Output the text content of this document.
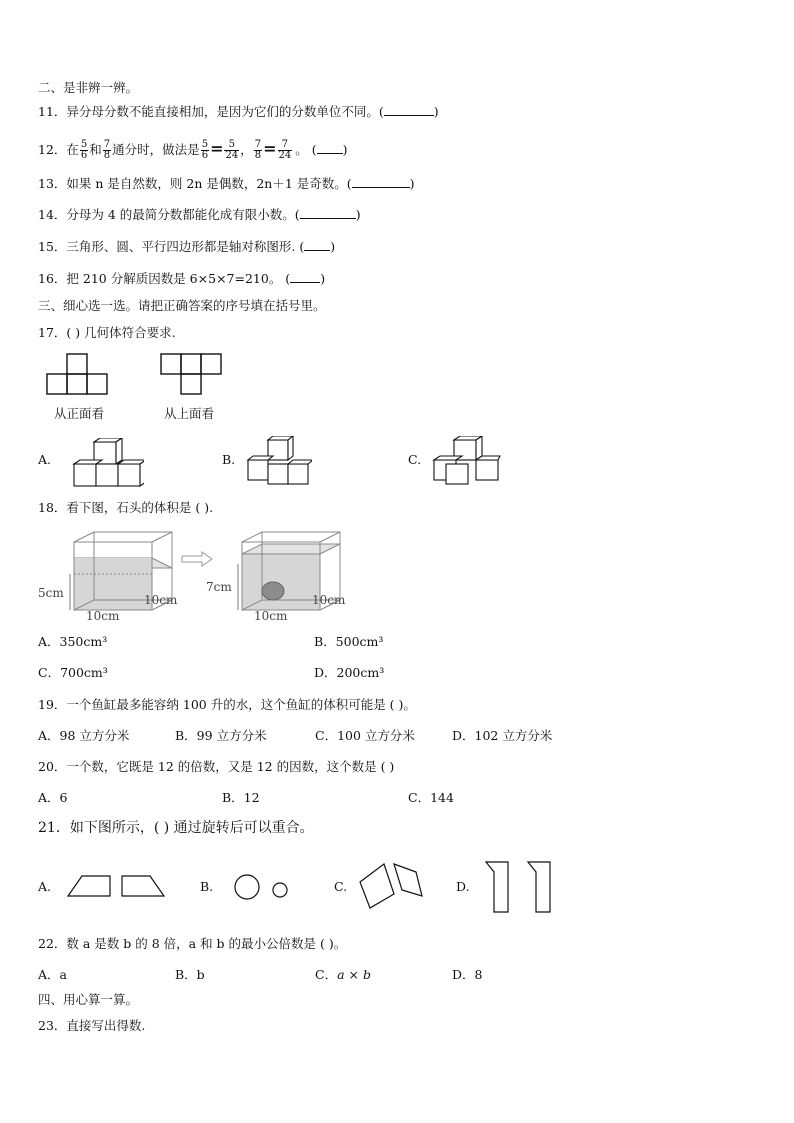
二、是非辨一辨。
11．异分母分数不能直接相加，是因为它们的分数单位不同。(	)
12．在 $\frac{5}{6}$ 和 $\frac{7}{8}$ 通分时，做法是 $\frac{5}{6} = \frac{5}{24}$ ， $\frac{7}{8} = \frac{7}{24}$ 。 ( )
13．如果 n 是自然数，则 2n 是偶数，2n＋1 是奇数。(	)
14．分母为 4 的最简分数都能化成有限小数。(	)
15．三角形、圆、平行四边形都是轴对称图形. ( )
16．把 210 分解质因数是 6×5×7=210。 ( )
三、细心选一选。请把正确答案的序号填在括号里。
17．( ) 几何体符合要求.
从正面看	从上面看
A.	B.	C.
18．看下图，石头的体积是 ( ).
5cm
10cm
10cm
7cm
10cm
10cm
A．350cm³	B．500cm³
C．700cm³	D．200cm³
19．一个鱼缸最多能容纳 100 升的水，这个鱼缸的体积可能是 ( )。
A．98 立方分米	B．99 立方分米	C．100 立方分米	D．102 立方分米
20．一个数，它既是 12 的倍数，又是 12 的因数，这个数是 ( )
A．6	B．12	C．144
21．如下图所示，( ) 通过旋转后可以重合。
A.	B.	C.	D.
22．数 a 是数 b 的 8 倍，a 和 b 的最小公倍数是 ( )。
A．a	B．b	C．a × b	D．8
四、用心算一算。
23．直接写出得数.
